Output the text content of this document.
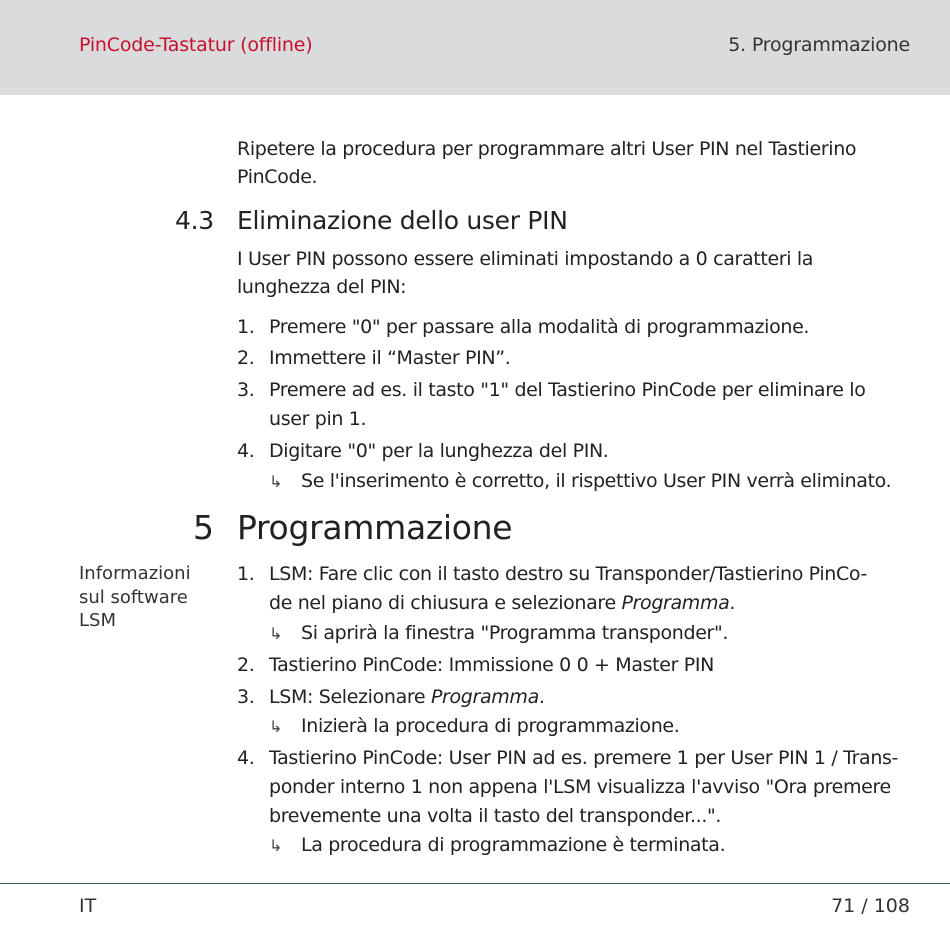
PinCode-Tastatur (offline)	5. Programmazione
Ripetere la procedura per programmare altri User PIN nel Tastierino
PinCode.
4.3 Eliminazione dello user PIN
I User PIN possono essere eliminati impostando a 0 caratteri la
lunghezza del PIN:
1. Premere "0" per passare alla modalità di programmazione.
2. Immettere il “Master PIN”.
3. Premere ad es. il tasto "1" del Tastierino PinCode per eliminare lo
user pin 1.
4. Digitare "0" per la lunghezza del PIN.
↳ Se l'inserimento è corretto, il rispettivo User PIN verrà eliminato.
5 Programmazione
Informazioni
sul software
LSM
1. LSM: Fare clic con il tasto destro su Transponder/Tastierino PinCo-
de nel piano di chiusura e selezionare Programma.
↳ Si aprirà la finestra "Programma transponder".
2. Tastierino PinCode: Immissione 0 0 + Master PIN
3. LSM: Selezionare Programma.
↳ Inizierà la procedura di programmazione.
4. Tastierino PinCode: User PIN ad es. premere 1 per User PIN 1 / Trans-
ponder interno 1 non appena l'LSM visualizza l'avviso "Ora premere
brevemente una volta il tasto del transponder...".
↳ La procedura di programmazione è terminata.
IT	71 / 108
